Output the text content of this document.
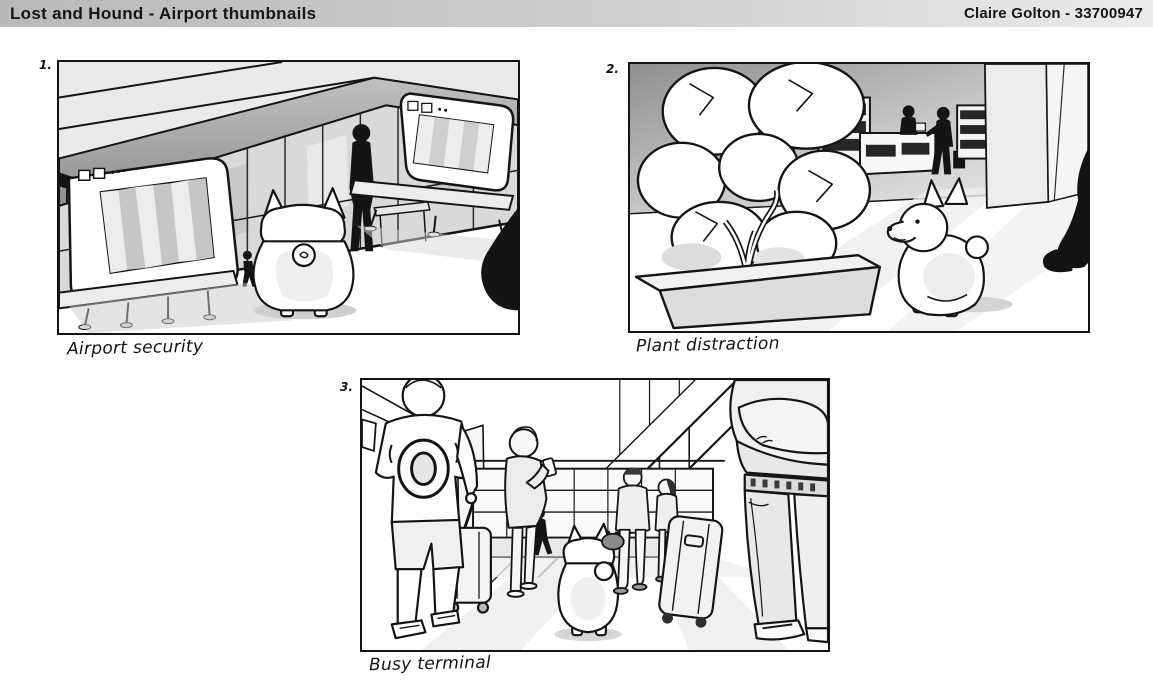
Lost and Hound - Airport thumbnails	Claire Golton - 33700947
1.	2.
3.
Airport security	Plant distraction
Busy terminal
